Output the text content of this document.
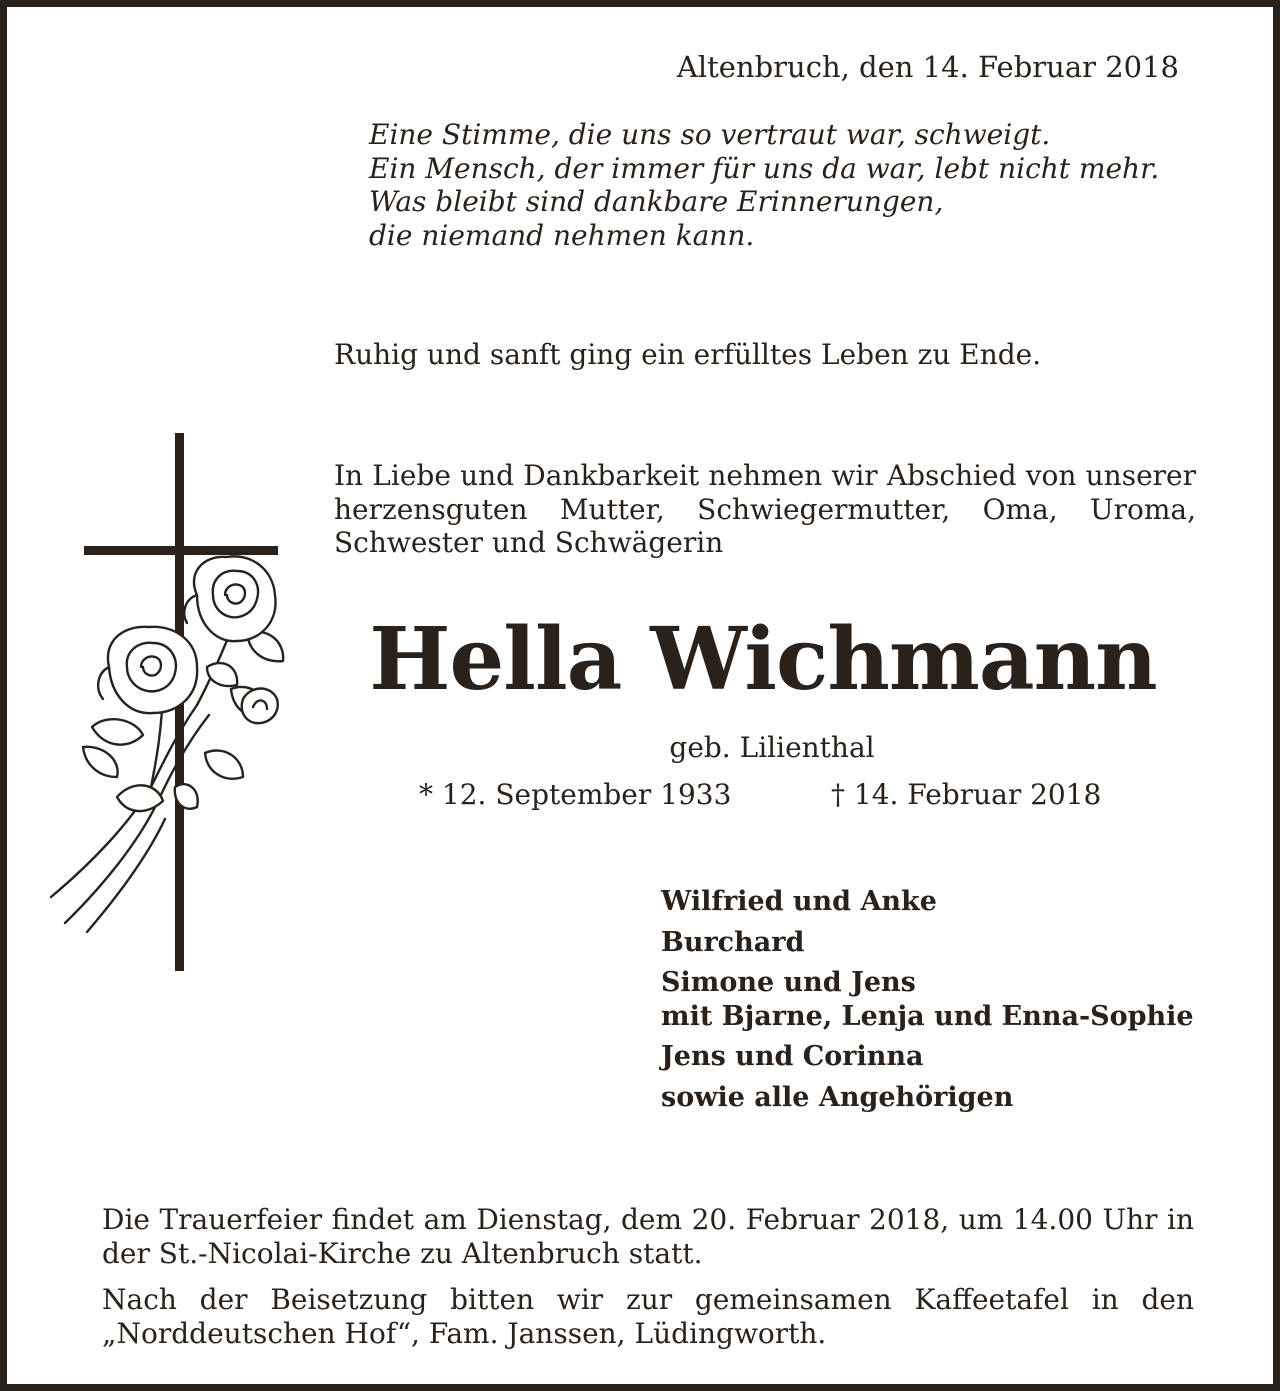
Altenbruch, den 14. Februar 2018
Eine Stimme, die uns so vertraut war, schweigt.
Ein Mensch, der immer für uns da war, lebt nicht mehr.
Was bleibt sind dankbare Erinnerungen,
die niemand nehmen kann.
Ruhig und sanft ging ein erfülltes Leben zu Ende.
In Liebe und Dankbarkeit nehmen wir Abschied von unserer herzensguten Mutter, Schwiegermutter, Oma, Uroma, Schwester und Schwägerin
Hella Wichmann
geb. Lilienthal
* 12. September 1933	† 14. Februar 2018
Wilfried und Anke
Burchard
Simone und Jens
mit Bjarne, Lenja und Enna-Sophie
Jens und Corinna
sowie alle Angehörigen
Die Trauerfeier findet am Dienstag, dem 20. Februar 2018, um 14.00 Uhr in der St.-Nicolai-Kirche zu Altenbruch statt.
Nach der Beisetzung bitten wir zur gemeinsamen Kaffeetafel in den „Norddeutschen Hof“, Fam. Janssen, Lüdingworth.
